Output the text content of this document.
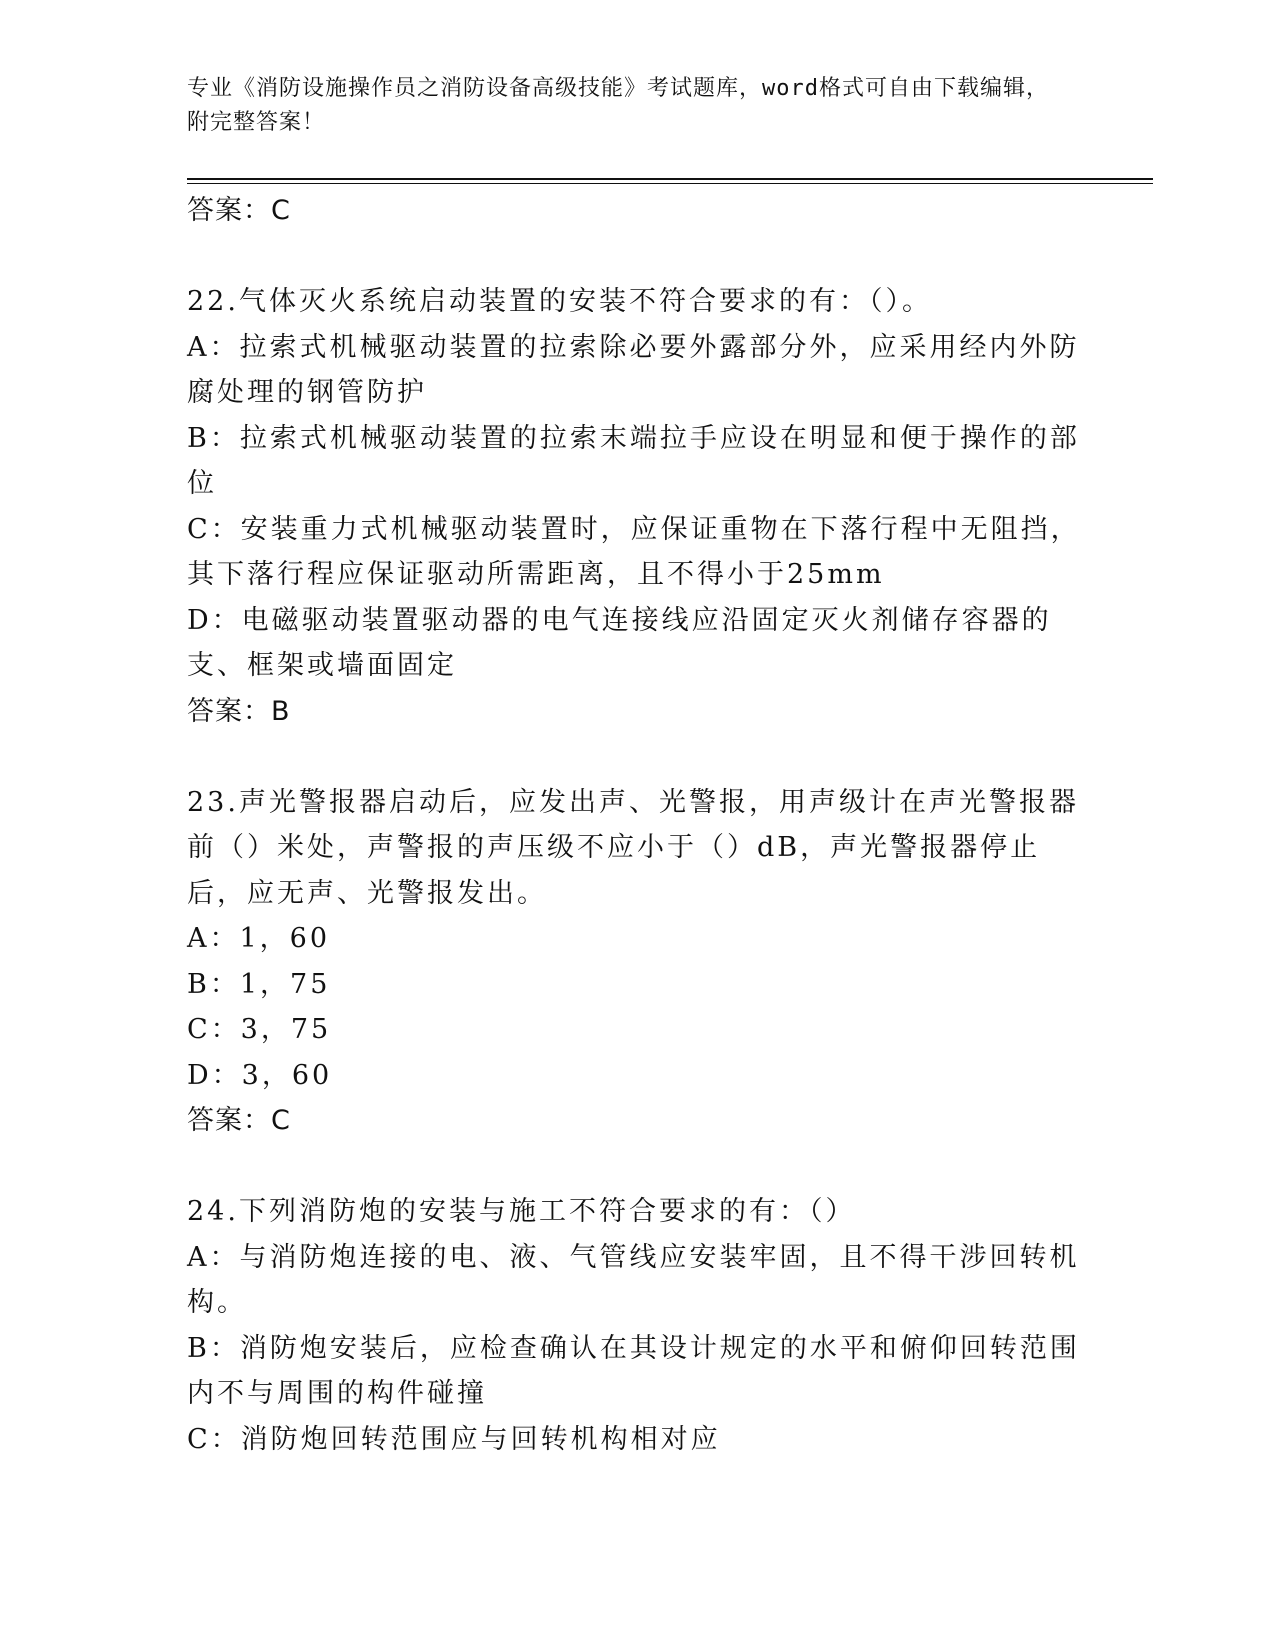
专业《消防设施操作员之消防设备高级技能》考试题库，word格式可自由下载编辑，附完整答案！
答案：C
22.气体灭火系统启动装置的安装不符合要求的有：（）。
A：拉索式机械驱动装置的拉索除必要外露部分外，应采用经内外防腐处理的钢管防护
B：拉索式机械驱动装置的拉索末端拉手应设在明显和便于操作的部位
C：安装重力式机械驱动装置时，应保证重物在下落行程中无阻挡，其下落行程应保证驱动所需距离，且不得小于25mm
D：电磁驱动装置驱动器的电气连接线应沿固定灭火剂储存容器的支、框架或墙面固定
答案：B
23.声光警报器启动后，应发出声、光警报，用声级计在声光警报器前（）米处，声警报的声压级不应小于（）dB，声光警报器停止后，应无声、光警报发出。
A：1，60
B：1，75
C：3，75
D：3，60
答案：C
24.下列消防炮的安装与施工不符合要求的有：（）
A：与消防炮连接的电、液、气管线应安装牢固，且不得干涉回转机构。
B：消防炮安装后，应检查确认在其设计规定的水平和俯仰回转范围内不与周围的构件碰撞
C：消防炮回转范围应与回转机构相对应
